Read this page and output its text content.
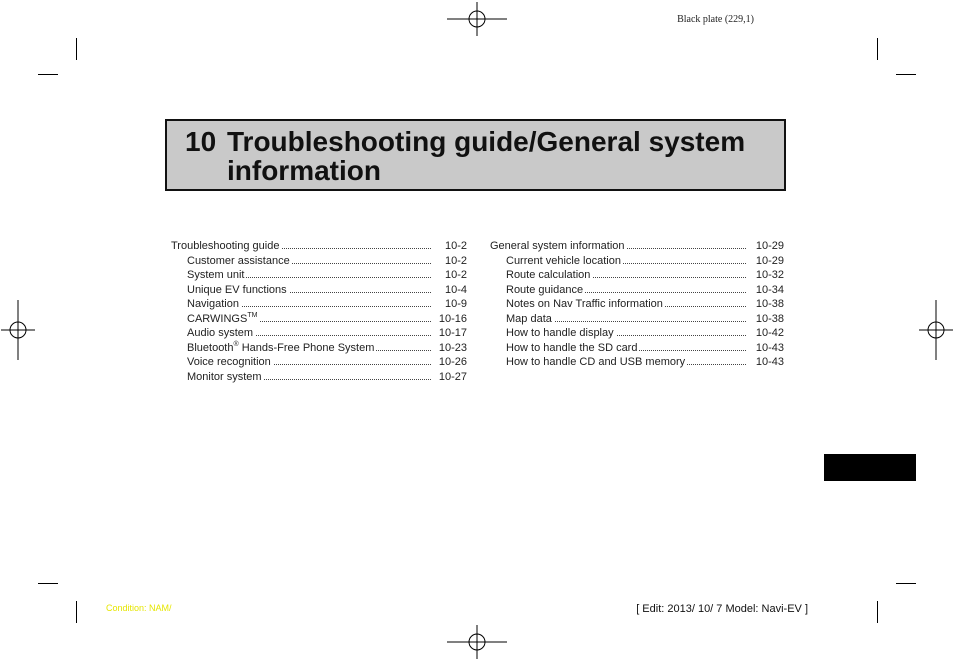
Black plate (229,1)
10 Troubleshooting guide/General system
information
Troubleshooting guide	10-2
Customer assistance	10-2
System unit	10-2
Unique EV functions	10-4
Navigation	10-9
CARWINGS™	10-16
Audio system	10-17
Bluetooth® Hands-Free Phone System	10-23
Voice recognition	10-26
Monitor system	10-27
General system information	10-29
Current vehicle location	10-29
Route calculation	10-32
Route guidance	10-34
Notes on Nav Traffic information	10-38
Map data	10-38
How to handle display	10-42
How to handle the SD card	10-43
How to handle CD and USB memory	10-43
Condition: NAM/	[ Edit: 2013/ 10/ 7 Model: Navi-EV ]
